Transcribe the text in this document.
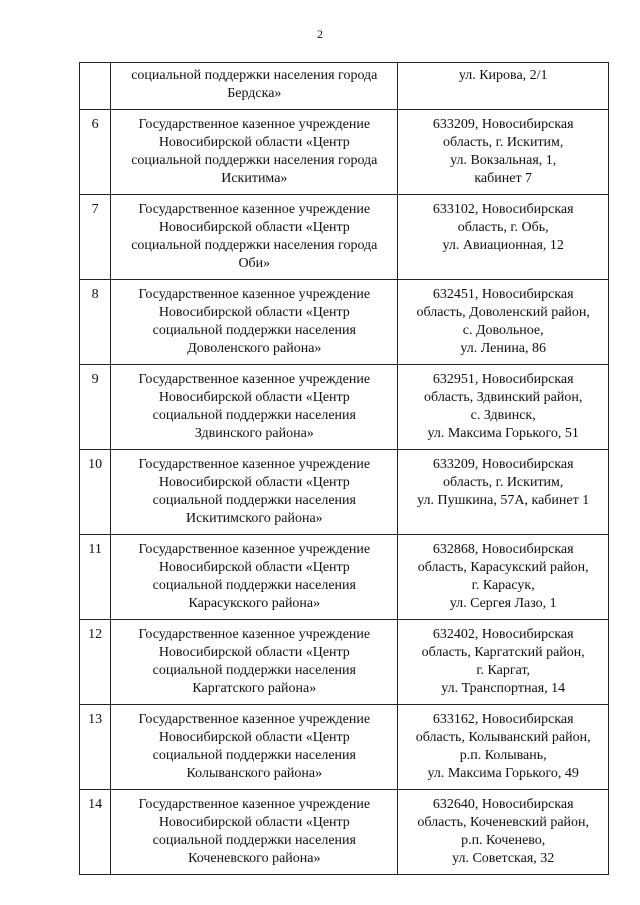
2

	социальной поддержки населения города
Бердска»	ул. Кирова, 2/1

6	Государственное казенное учреждение
Новосибирской области «Центр
социальной поддержки населения города
Искитима»	633209, Новосибирская
область, г. Искитим,
ул. Вокзальная, 1,
кабинет 7

7	Государственное казенное учреждение
Новосибирской области «Центр
социальной поддержки населения города
Оби»	633102, Новосибирская
область, г. Обь,
ул. Авиационная, 12

8	Государственное казенное учреждение
Новосибирской области «Центр
социальной поддержки населения
Доволенского района»	632451, Новосибирская
область, Доволенский район,
с. Довольное,
ул. Ленина, 86

9	Государственное казенное учреждение
Новосибирской области «Центр
социальной поддержки населения
Здвинского района»	632951, Новосибирская
область, Здвинский район,
с. Здвинск,
ул. Максима Горького, 51

10	Государственное казенное учреждение
Новосибирской области «Центр
социальной поддержки населения
Искитимского района»	633209, Новосибирская
область, г. Искитим,
ул. Пушкина, 57А, кабинет 1

11	Государственное казенное учреждение
Новосибирской области «Центр
социальной поддержки населения
Карасукского района»	632868, Новосибирская
область, Карасукский район,
г. Карасук,
ул. Сергея Лазо, 1

12	Государственное казенное учреждение
Новосибирской области «Центр
социальной поддержки населения
Каргатского района»	632402, Новосибирская
область, Каргатский район,
г. Каргат,
ул. Транспортная, 14

13	Государственное казенное учреждение
Новосибирской области «Центр
социальной поддержки населения
Колыванского района»	633162, Новосибирская
область, Колыванский район,
р.п. Колывань,
ул. Максима Горького, 49

14	Государственное казенное учреждение
Новосибирской области «Центр
социальной поддержки населения
Коченевского района»	632640, Новосибирская
область, Коченевский район,
р.п. Коченево,
ул. Советская, 32
